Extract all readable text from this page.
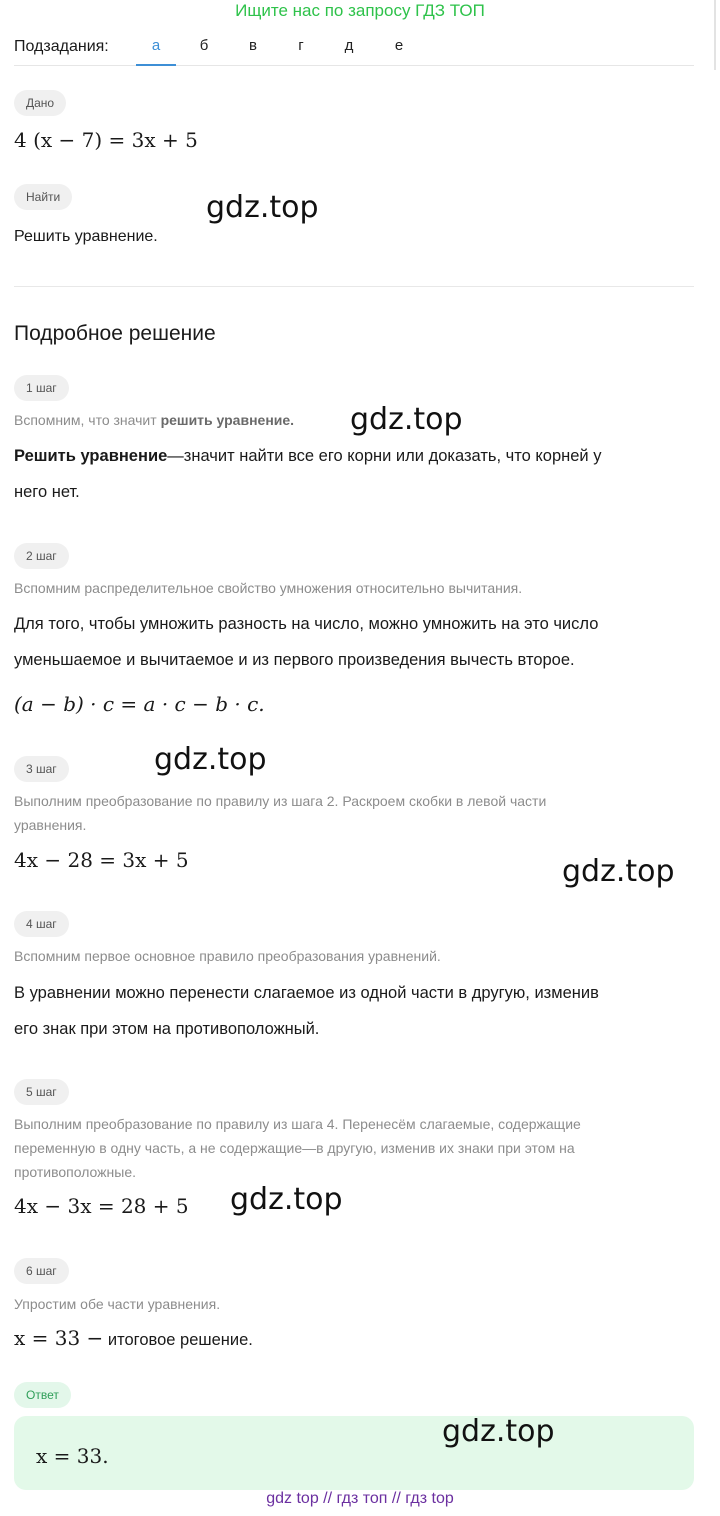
Ищите нас по запросу ГДЗ ТОП
Подзадания:	а	б	в	г	д	е
Дано
4 (x − 7) = 3x + 5
Найти
Решить уравнение.
Подробное решение
1 шаг
Вспомним, что значит решить уравнение.
Решить уравнение—значит найти все его корни или доказать, что корней у
него нет.
2 шаг
Вспомним распределительное свойство умножения относительно вычитания.
Для того, чтобы умножить разность на число, можно умножить на это число
уменьшаемое и вычитаемое и из первого произведения вычесть второе.
(a − b) · c = a · c − b · c.
3 шаг
Выполним преобразование по правилу из шага 2. Раскроем скобки в левой части
уравнения.
4x − 28 = 3x + 5
4 шаг
Вспомним первое основное правило преобразования уравнений.
В уравнении можно перенести слагаемое из одной части в другую, изменив
его знак при этом на противоположный.
5 шаг
Выполним преобразование по правилу из шага 4. Перенесём слагаемые, содержащие
переменную в одну часть, а не содержащие—в другую, изменив их знаки при этом на
противоположные.
4x − 3x = 28 + 5
6 шаг
Упростим обе части уравнения.
x = 33 − итоговое решение.
Ответ
x = 33.
gdz.top
gdz.top
gdz.top
gdz.top
gdz.top
gdz.top
gdz top // гдз топ // гдз top
